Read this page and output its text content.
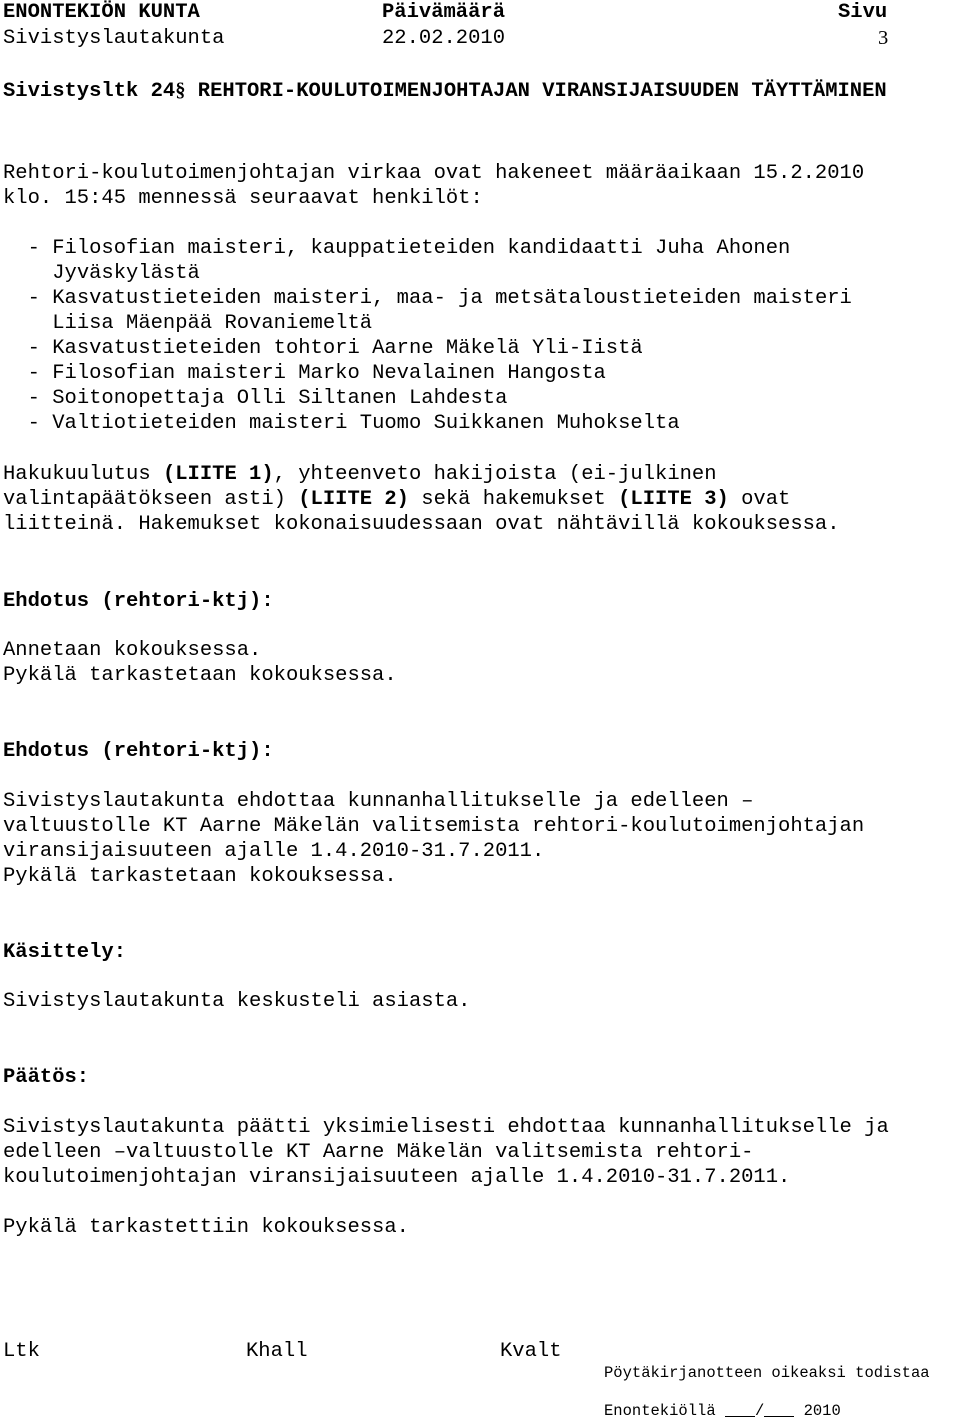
ENONTEKIÖN KUNTA	Päivämäärä	Sivu
Sivistyslautakunta	22.02.2010	3
Sivistysltk 24§ REHTORI-KOULUTOIMENJOHTAJAN VIRANSIJAISUUDEN TÄYTTÄMINEN
Rehtori-koulutoimenjohtajan virkaa ovat hakeneet määräaikaan 15.2.2010
klo. 15:45 mennessä seuraavat henkilöt:
- Filosofian maisteri, kauppatieteiden kandidaatti Juha Ahonen
Jyväskylästä
- Kasvatustieteiden maisteri, maa- ja metsätaloustieteiden maisteri
Liisa Mäenpää Rovaniemeltä
- Kasvatustieteiden tohtori Aarne Mäkelä Yli-Iistä
- Filosofian maisteri Marko Nevalainen Hangosta
- Soitonopettaja Olli Siltanen Lahdesta
- Valtiotieteiden maisteri Tuomo Suikkanen Muhokselta
Hakukuulutus (LIITE 1), yhteenveto hakijoista (ei-julkinen
valintapäätökseen asti) (LIITE 2) sekä hakemukset (LIITE 3) ovat
liitteinä. Hakemukset kokonaisuudessaan ovat nähtävillä kokouksessa.
Ehdotus (rehtori-ktj):
Annetaan kokouksessa.
Pykälä tarkastetaan kokouksessa.
Ehdotus (rehtori-ktj):
Sivistyslautakunta ehdottaa kunnanhallitukselle ja edelleen –
valtuustolle KT Aarne Mäkelän valitsemista rehtori-koulutoimenjohtajan
viransijaisuuteen ajalle 1.4.2010-31.7.2011.
Pykälä tarkastetaan kokouksessa.
Käsittely:
Sivistyslautakunta keskusteli asiasta.
Päätös:
Sivistyslautakunta päätti yksimielisesti ehdottaa kunnanhallitukselle ja
edelleen –valtuustolle KT Aarne Mäkelän valitsemista rehtori-
koulutoimenjohtajan viransijaisuuteen ajalle 1.4.2010-31.7.2011.
Pykälä tarkastettiin kokouksessa.
Ltk	Khall	Kvalt
Pöytäkirjanotteen oikeaksi todistaa
Enontekiöllä	/	2010
